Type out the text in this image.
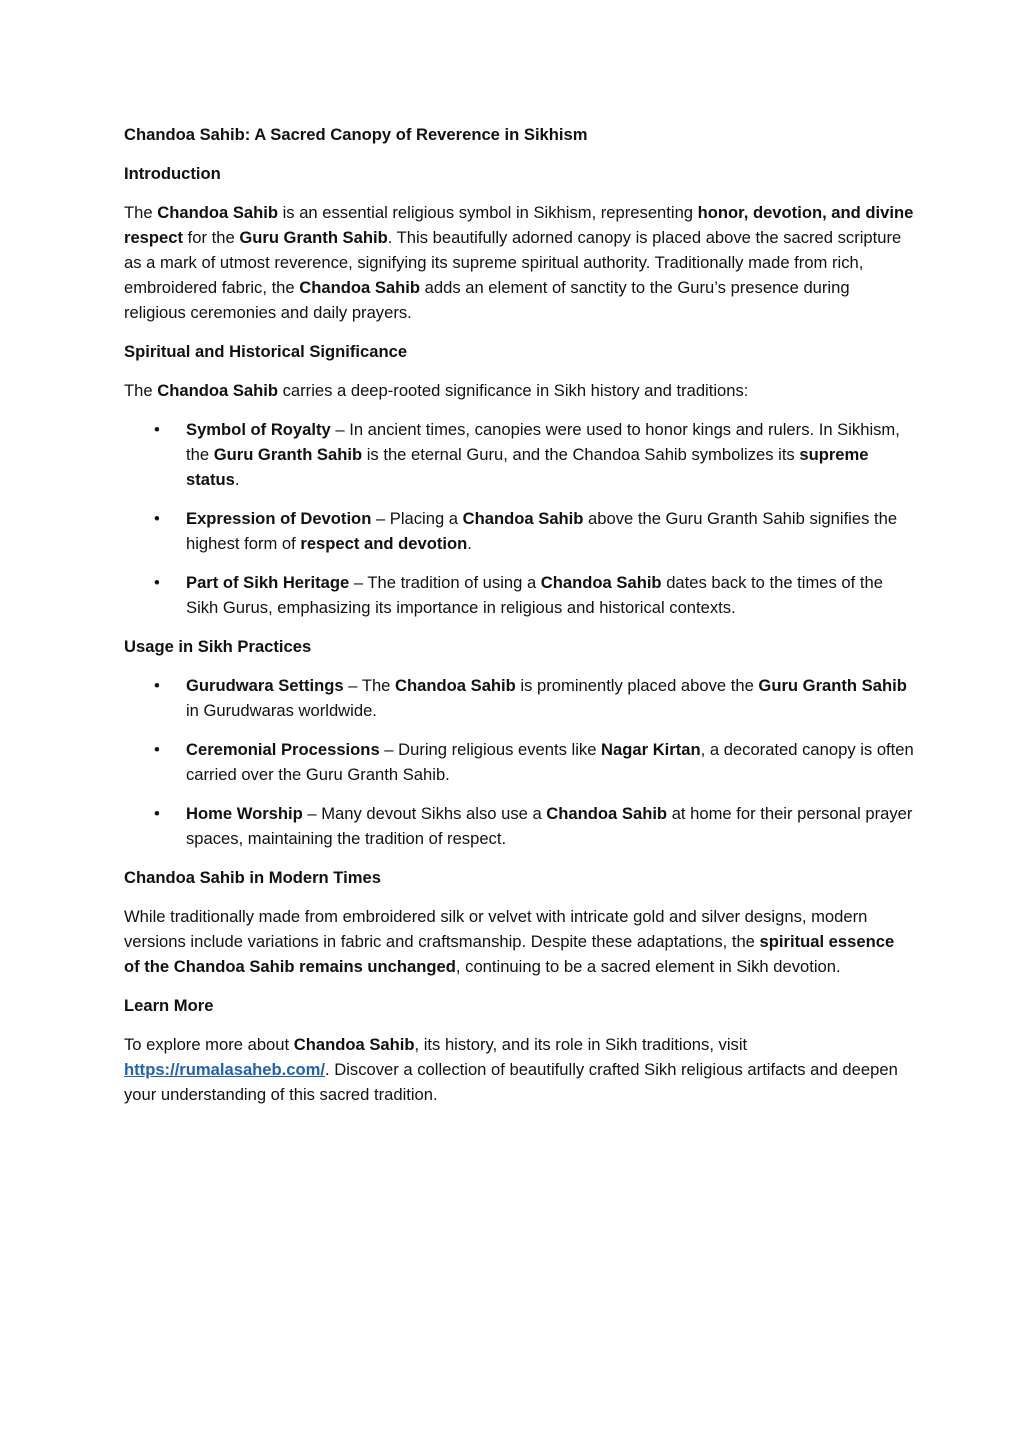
Chandoa Sahib: A Sacred Canopy of Reverence in Sikhism

Introduction

The Chandoa Sahib is an essential religious symbol in Sikhism, representing honor, devotion, and divine respect for the Guru Granth Sahib. This beautifully adorned canopy is placed above the sacred scripture as a mark of utmost reverence, signifying its supreme spiritual authority. Traditionally made from rich, embroidered fabric, the Chandoa Sahib adds an element of sanctity to the Guru’s presence during religious ceremonies and daily prayers.

Spiritual and Historical Significance

The Chandoa Sahib carries a deep-rooted significance in Sikh history and traditions:

• Symbol of Royalty – In ancient times, canopies were used to honor kings and rulers. In Sikhism, the Guru Granth Sahib is the eternal Guru, and the Chandoa Sahib symbolizes its supreme status.
• Expression of Devotion – Placing a Chandoa Sahib above the Guru Granth Sahib signifies the highest form of respect and devotion.
• Part of Sikh Heritage – The tradition of using a Chandoa Sahib dates back to the times of the Sikh Gurus, emphasizing its importance in religious and historical contexts.

Usage in Sikh Practices

• Gurudwara Settings – The Chandoa Sahib is prominently placed above the Guru Granth Sahib in Gurudwaras worldwide.
• Ceremonial Processions – During religious events like Nagar Kirtan, a decorated canopy is often carried over the Guru Granth Sahib.
• Home Worship – Many devout Sikhs also use a Chandoa Sahib at home for their personal prayer spaces, maintaining the tradition of respect.

Chandoa Sahib in Modern Times

While traditionally made from embroidered silk or velvet with intricate gold and silver designs, modern versions include variations in fabric and craftsmanship. Despite these adaptations, the spiritual essence of the Chandoa Sahib remains unchanged, continuing to be a sacred element in Sikh devotion.

Learn More

To explore more about Chandoa Sahib, its history, and its role in Sikh traditions, visit https://rumalasaheb.com/. Discover a collection of beautifully crafted Sikh religious artifacts and deepen your understanding of this sacred tradition.
